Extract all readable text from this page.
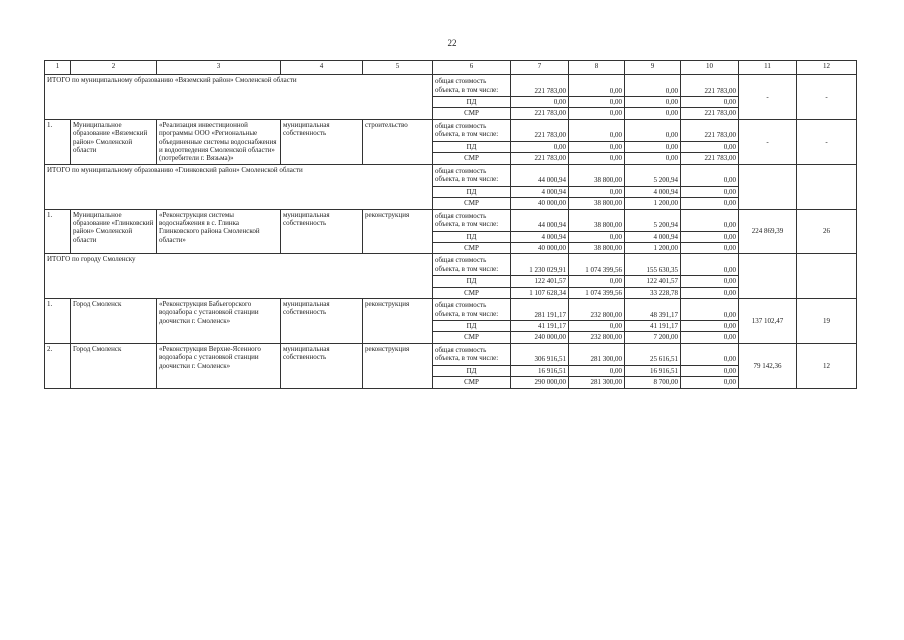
22
1	2	3	4	5	6	7	8	9	10	11	12
ИТОГО по муниципальному образованию «Вяземский район» Смоленской области					общая стоимость объекта, в том числе:	221 783,00	0,00	0,00	221 783,00	-	-
					ПД	0,00	0,00	0,00	0,00		
					СМР	221 783,00	0,00	0,00	221 783,00		
1.	Муниципальное образование «Вяземский район» Смоленской области	«Реализация инвестиционной программы ООО «Региональные объединенные системы водоснабжения и водоотведения Смоленской области» (потребители г. Вязьма)»	муниципальная собственность	строительство	общая стоимость объекта, в том числе:	221 783,00	0,00	0,00	221 783,00	-	-
					ПД	0,00	0,00	0,00	0,00		
					СМР	221 783,00	0,00	0,00	221 783,00		
ИТОГО по муниципальному образованию «Глинковский район» Смоленской области					общая стоимость объекта, в том числе:	44 000,94	38 800,00	5 200,94	0,00		
					ПД	4 000,94	0,00	4 000,94	0,00		
					СМР	40 000,00	38 800,00	1 200,00	0,00		
1.	Муниципальное образование «Глинковский район» Смоленской области	«Реконструкция системы водоснабжения в с. Глинка Глинковского района Смоленской области»	муниципальная собственность	реконструкция	общая стоимость объекта, в том числе:	44 000,94	38 800,00	5 200,94	0,00	224 869,39	26
					ПД	4 000,94	0,00	4 000,94	0,00		
					СМР	40 000,00	38 800,00	1 200,00	0,00		
ИТОГО по городу Смоленску					общая стоимость объекта, в том числе:	1 230 029,91	1 074 399,56	155 630,35	0,00		
					ПД	122 401,57	0,00	122 401,57	0,00		
					СМР	1 107 628,34	1 074 399,56	33 228,78	0,00		
1.	Город Смоленск	«Реконструкция Бабьегорского водозабора с установкой станции доочистки г. Смоленск»	муниципальная собственность	реконструкция	общая стоимость объекта, в том числе:	281 191,17	232 800,00	48 391,17	0,00	137 102,47	19
					ПД	41 191,17	0,00	41 191,17	0,00		
					СМР	240 000,00	232 800,00	7 200,00	0,00		
2.	Город Смоленск	«Реконструкция Верхне-Ясенного водозабора с установкой станции доочистки г. Смоленск»	муниципальная собственность	реконструкция	общая стоимость объекта, в том числе:	306 916,51	281 300,00	25 616,51	0,00	79 142,36	12
					ПД	16 916,51	0,00	16 916,51	0,00		
					СМР	290 000,00	281 300,00	8 700,00	0,00		
